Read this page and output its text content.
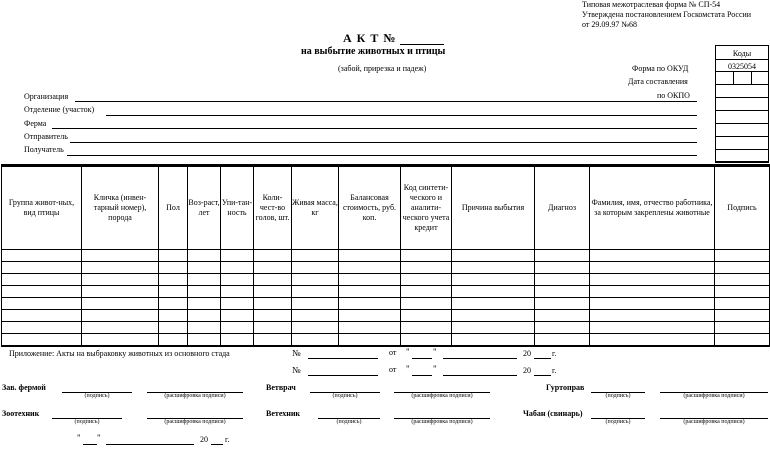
Типовая межотраслевая форма № СП-54
Утверждена постановлением Госкомстата России
от 29.09.97 №68
А К Т №
на выбытие животных и птицы
(забой, прирезка и падеж)
Коды
0325054
Форма по ОКУД
Дата составления
по ОКПО
Организация
Отделение (участок)
Ферма
Отправитель
Получатель
Группа живот-ных, вид птицы	Кличка (инвен-тарный номер), порода	Пол	Воз-раст, лет	Упи-тан-ность	Коли-чест-во голов, шт.	Живая масса, кг	Балансовая стоимость, руб. коп.	Код синтети-ческого и аналити-ческого учета кредит	Причина выбытия	Диагноз	Фамилия, имя, отчество работника, за которым закреплены животные	Подпись

Приложение: Акты на выбраковку животных из основного стада	№	от "	"	20	г.
№	от "	"	20	г.
Зав. фермой
(подпись)	(расшифровка подписи)
Ветврач
(подпись)	(расшифровка подписи)
Гуртоправ
(подпись)	(расшифровка подписи)
Зоотехник
(подпись)	(расшифровка подписи)
Ветехник
(подпись)	(расшифровка подписи)
Чабан (свинарь)
(подпись)	(расшифровка подписи)
" "	20 г.
